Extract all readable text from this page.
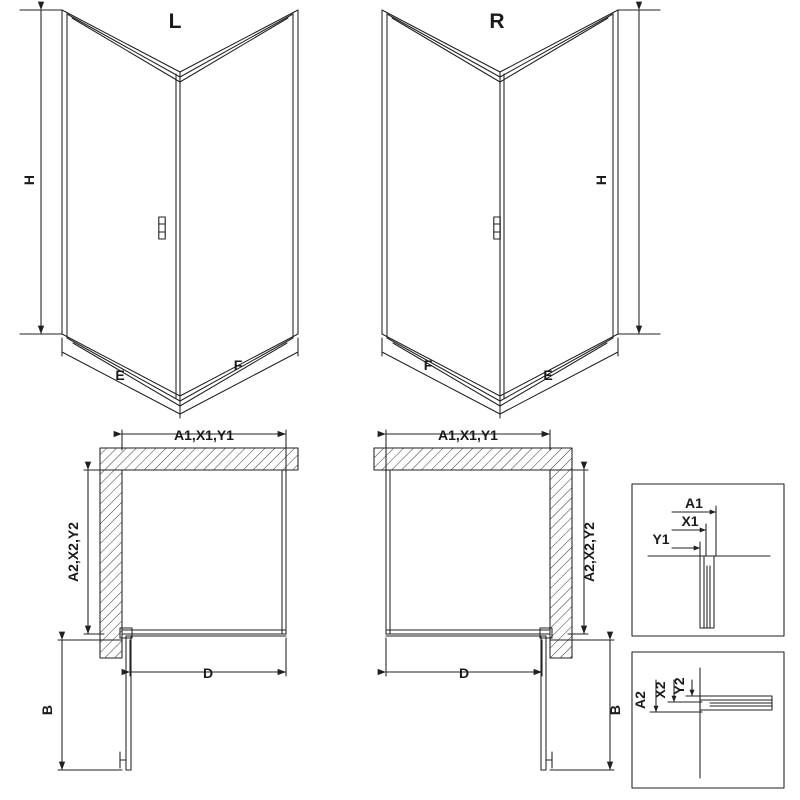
L	R
H	H
E
F	F
E
A1,X1,Y1
A2,X2,Y2
D
B
A1,X1,Y1
A2,X2,Y2
D
B
A1
X1
Y1
A2
X2 Y2
